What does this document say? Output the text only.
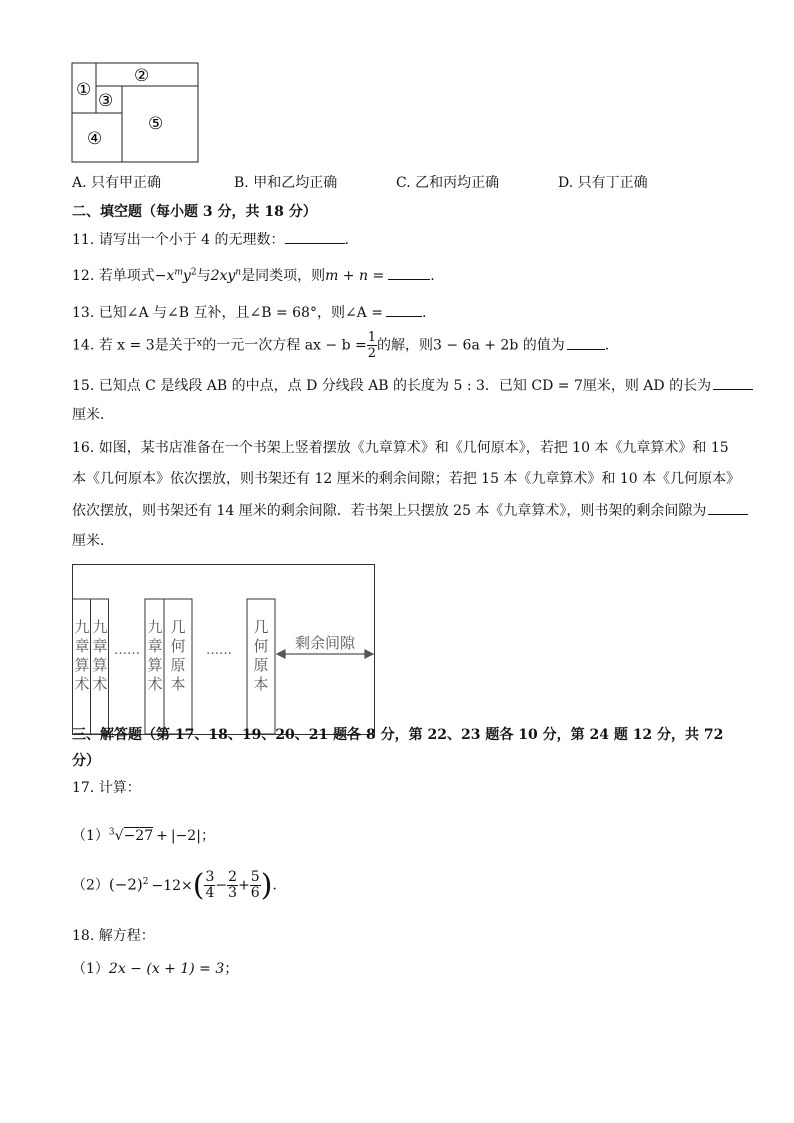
①
②
③
④
⑤
A. 只有甲正确	B. 甲和乙均正确	C. 乙和丙均正确	D. 只有丁正确
二、填空题（每小题 3 分，共 18 分）
11. 请写出一个小于 4 的无理数：	.
12. 若单项式$-x^my^2$与$2xy^n$是同类项，则m + n =	.
13. 已知∠A 与∠B 互补，且∠B = 68°，则∠A =	.
14. 若 x = 3是关于$^x$的一元一次方程 ax − $b = \frac{1}{2}$ 的解，则3 − 6a + 2b 的值为	.
15. 已知点 C 是线段 AB 的中点，点 D 分线段 AB 的长度为 5 : 3．已知 CD = 7厘米，则 AD 的长为
厘米．
16. 如图，某书店准备在一个书架上竖着摆放《九章算术》和《几何原本》，若把 10 本《九章算术》和 15
本《几何原本》依次摆放，则书架还有 12 厘米的剩余间隙；若把 15 本《九章算术》和 10 本《几何原本》
依次摆放，则书架还有 14 厘米的剩余间隙．若书架上只摆放 25 本《九章算术》，则书架的剩余间隙为
厘米．
九
章
算
术
九
章
算
术
……
九
章
算
术
几
何
原
本
……
几
何
原
本
剩余间隙
三、解答题（第 17、18、19、20、21 题各 8 分，第 22、23 题各 10 分，第 24 题 12 分，共 72
分）
17. 计算：
$(1)^3√-27 + |-2|$；
$(2)(-2)^2 -12\times( \frac{3}{4} - \frac{2}{3} + \frac{5}{6}$ )．
18. 解方程：
（1）2x − (x + 1) = 3；
